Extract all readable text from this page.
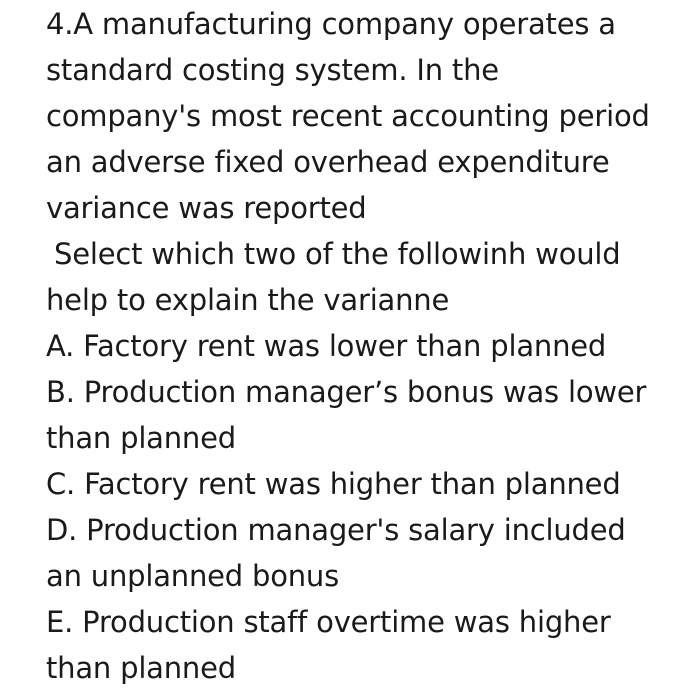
4.A manufacturing company operates a
standard costing system. In the
company's most recent accounting period
an adverse fixed overhead expenditure
variance was reported
Select which two of the followinh would
help to explain the varianne
A. Factory rent was lower than planned
B. Production manager’s bonus was lower
than planned
C. Factory rent was higher than planned
D. Production manager's salary included
an unplanned bonus
E. Production staff overtime was higher
than planned
